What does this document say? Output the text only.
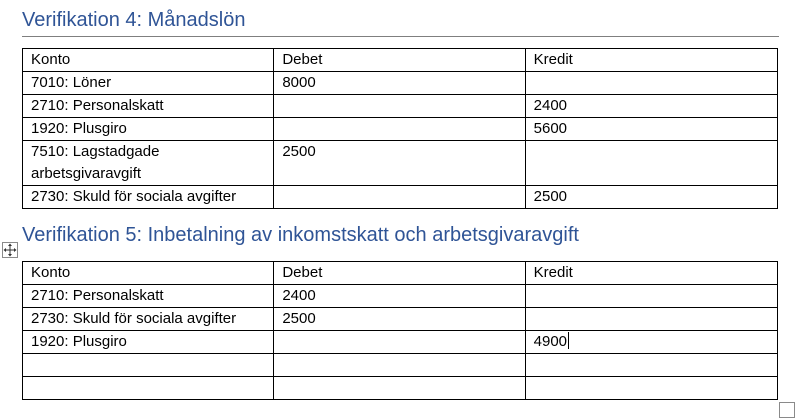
Verifikation 4: Månadslön
Konto	Debet	Kredit
7010: Löner	8000	
2710: Personalskatt		2400
1920: Plusgiro		5600
7510: Lagstadgade arbetsgivaravgift	2500	
2730: Skuld för sociala avgifter		2500
Verifikation 5: Inbetalning av inkomstskatt och arbetsgivaravgift
Konto	Debet	Kredit
2710: Personalskatt	2400	
2730: Skuld för sociala avgifter	2500	
1920: Plusgiro		4900
